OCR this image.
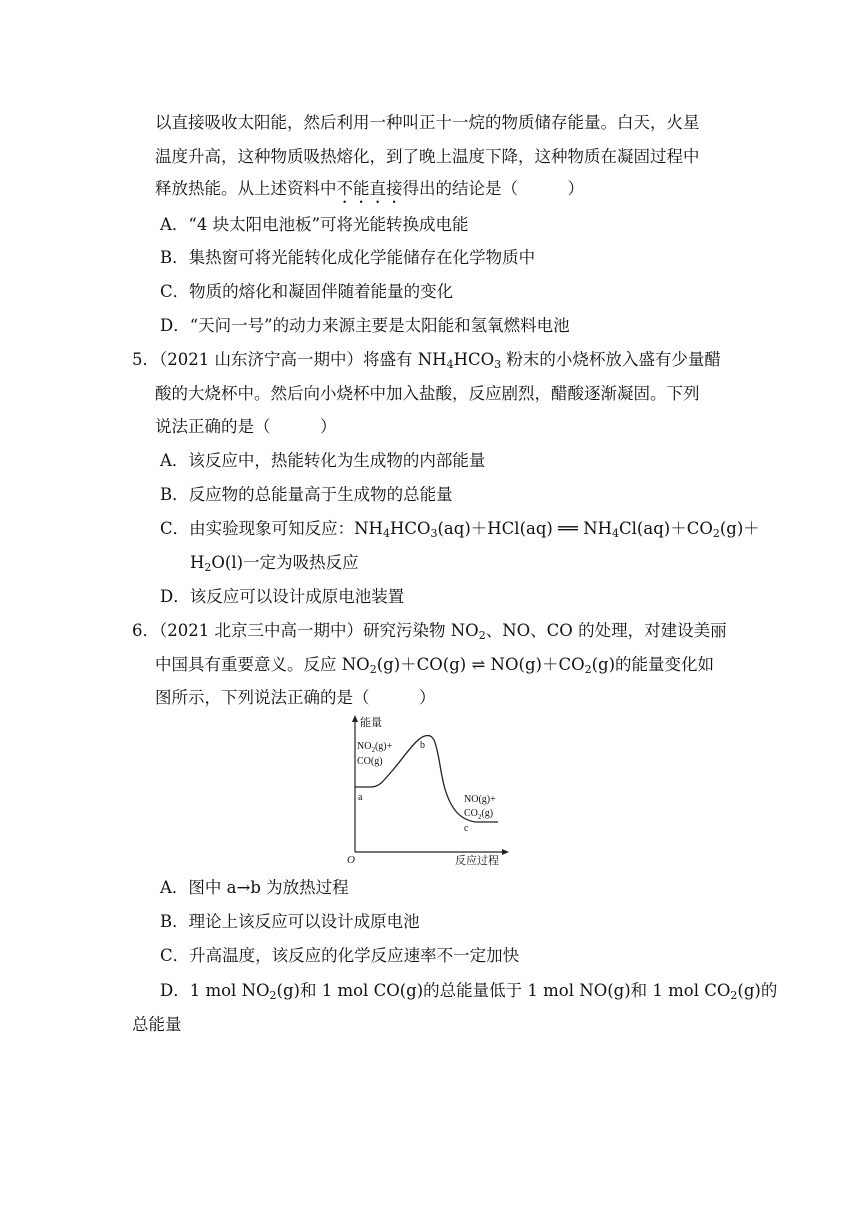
以直接吸收太阳能，然后利用一种叫正十一烷的物质储存能量。白天，火星
温度升高，这种物质吸热熔化，到了晚上温度下降，这种物质在凝固过程中
释放热能。从上述资料中不能直接得出的结论是（　　　）
A．“4 块太阳电池板”可将光能转换成电能
B．集热窗可将光能转化成化学能储存在化学物质中
C．物质的熔化和凝固伴随着能量的变化
D．“天问一号”的动力来源主要是太阳能和氢氧燃料电池
5．（2021 山东济宁高一期中）将盛有 $NH_4HCO_3$ 粉末的小烧杯放入盛有少量醋
酸的大烧杯中。然后向小烧杯中加入盐酸，反应剧烈，醋酸逐渐凝固。下列
说法正确的是（　　　）
A．该反应中，热能转化为生成物的内部能量
B．反应物的总能量高于生成物的总能量
C．由实验现象可知反应：$NH_4HCO_3(aq)+HCl(aq)$ ══ $NH_4Cl(aq)+CO_2(g)+$
$H_2O(l)$一定为吸热反应
D．该反应可以设计成原电池装置
6．（2021 北京三中高一期中）研究污染物 $NO_2$、NO、CO 的处理，对建设美丽
中国具有重要意义。反应 $NO_2(g)+CO(g)$ ⇌ $NO(g)+CO_2(g)$的能量变化如
图所示，下列说法正确的是（　　　）
能量
$NO_2(g)+$
CO(g)
a
b
NO(g)+
$CO_2(g)$
c
O	反应过程
A．图中 a→b 为放热过程
B．理论上该反应可以设计成原电池
C．升高温度，该反应的化学反应速率不一定加快
D．1 mol $NO_2(g)$和 1 mol CO(g)的总能量低于 1 mol NO(g)和 1 mol $CO_2(g)$的
总能量
